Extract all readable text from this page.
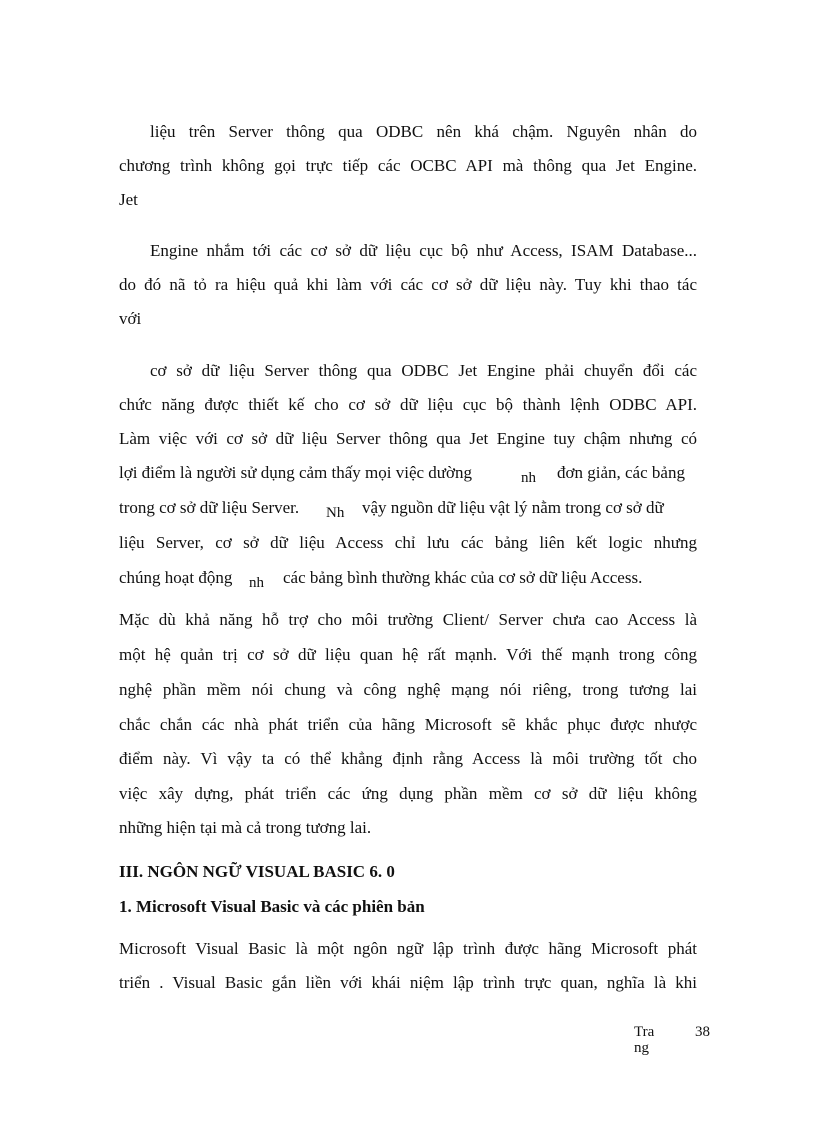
liệu trên Server thông qua ODBC nên khá chậm. Nguyên nhân do
chương trình không gọi trực tiếp các OCBC API mà thông qua Jet Engine.
Jet
Engine nhắm tới các cơ sở dữ liệu cục bộ như Access, ISAM Database...
do đó nã tỏ ra hiệu quả khi làm với các cơ sở dữ liệu này. Tuy khi thao tác
với
cơ sở dữ liệu Server thông qua ODBC Jet Engine phải chuyển đổi các
chức năng được thiết kế cho cơ sở dữ liệu cục bộ thành lệnh ODBC API.
Làm việc với cơ sở dữ liệu Server thông qua Jet Engine tuy chậm nhưng có
lợi điểm là người sử dụng cảm thấy mọi việc dường	nh đơn giản, các bảng
trong cơ sở dữ liệu Server. Nh vậy nguồn dữ liệu vật lý nằm trong cơ sở dữ
liệu Server, cơ sở dữ liệu Access chỉ lưu các bảng liên kết logic nhưng
chúng hoạt động nh các bảng bình thường khác của cơ sở dữ liệu Access.
Mặc dù khả năng hỗ trợ cho môi trường Client/ Server chưa cao Access là
một hệ quản trị cơ sở dữ liệu quan hệ rất mạnh. Với thế mạnh trong công
nghệ phần mềm nói chung và công nghệ mạng nói riêng, trong tương lai
chắc chắn các nhà phát triển của hãng Microsoft sẽ khắc phục được nhược
điểm này. Vì vậy ta có thể khẳng định rằng Access là môi trường tốt cho
việc xây dựng, phát triển các ứng dụng phần mềm cơ sở dữ liệu không
những hiện tại mà cả trong tương lai.
III. NGÔN NGỮ VISUAL BASIC 6. 0
1. Microsoft Visual Basic và các phiên bản
Microsoft Visual Basic là một ngôn ngữ lập trình được hãng Microsoft phát
triển . Visual Basic gắn liền với khái niệm lập trình trực quan, nghĩa là khi
Tra
ng
38
